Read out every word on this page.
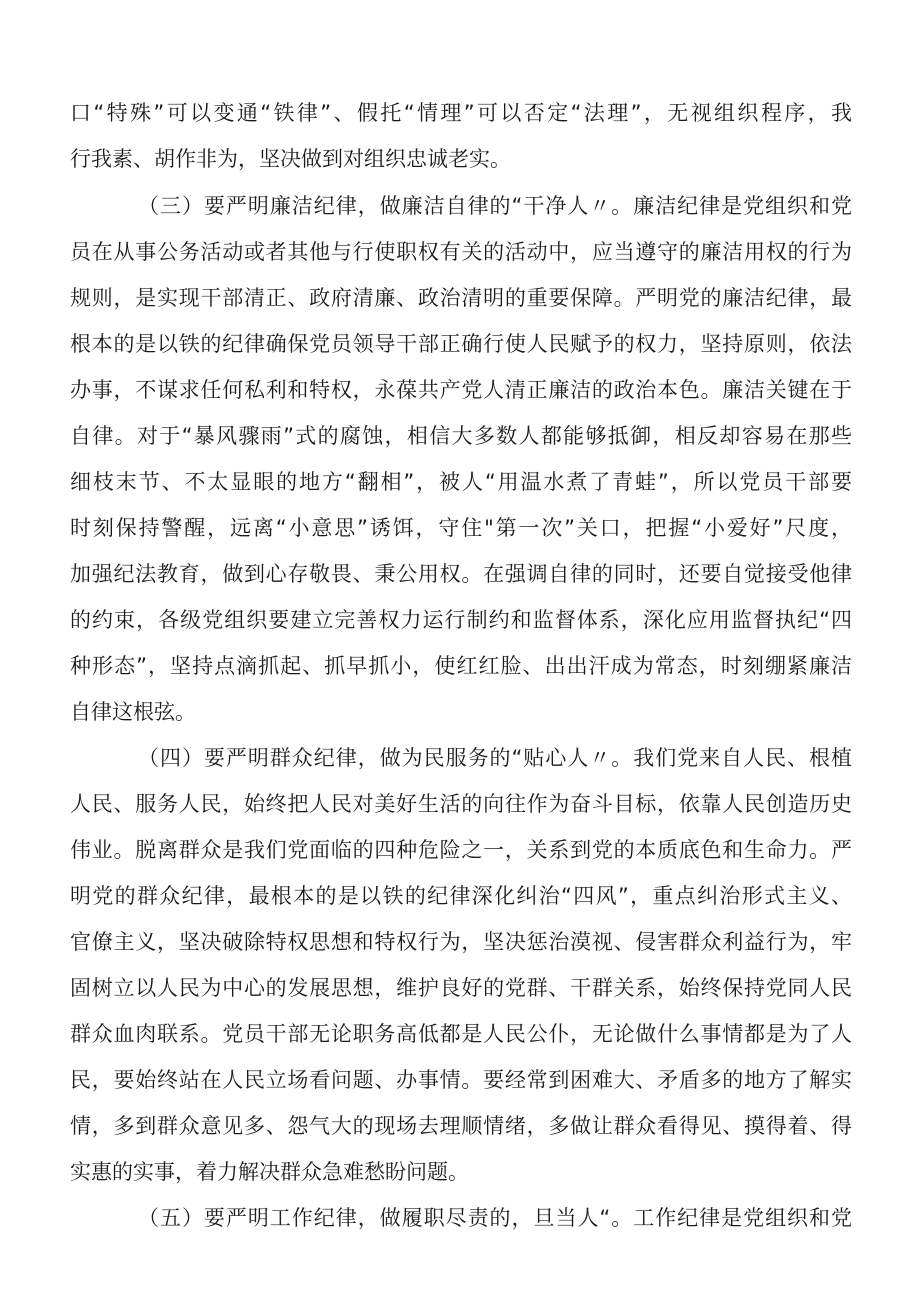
口“特殊”可以变通“铁律”、假托“情理”可以否定“法理”，无视组织程序，我
行我素、胡作非为，坚决做到对组织忠诚老实。
（三）要严明廉洁纪律，做廉洁自律的“干净人〃。廉洁纪律是党组织和党
员在从事公务活动或者其他与行使职权有关的活动中，应当遵守的廉洁用权的行为
规则，是实现干部清正、政府清廉、政治清明的重要保障。严明党的廉洁纪律，最
根本的是以铁的纪律确保党员领导干部正确行使人民赋予的权力，坚持原则，依法
办事，不谋求任何私利和特权，永葆共产党人清正廉洁的政治本色。廉洁关键在于
自律。对于“暴风骤雨”式的腐蚀，相信大多数人都能够抵御，相反却容易在那些
细枝末节、不太显眼的地方“翻相”，被人“用温水煮了青蛙”，所以党员干部要
时刻保持警醒，远离“小意思”诱饵，守住"第一次”关口，把握“小爱好”尺度，
加强纪法教育，做到心存敬畏、秉公用权。在强调自律的同时，还要自觉接受他律
的约束，各级党组织要建立完善权力运行制约和监督体系，深化应用监督执纪“四
种形态”，坚持点滴抓起、抓早抓小，使红红脸、出出汗成为常态，时刻绷紧廉洁
自律这根弦。
（四）要严明群众纪律，做为民服务的“贴心人〃。我们党来自人民、根植
人民、服务人民，始终把人民对美好生活的向往作为奋斗目标，依靠人民创造历史
伟业。脱离群众是我们党面临的四种危险之一，关系到党的本质底色和生命力。严
明党的群众纪律，最根本的是以铁的纪律深化纠治“四风”，重点纠治形式主义、
官僚主义，坚决破除特权思想和特权行为，坚决惩治漠视、侵害群众利益行为，牢
固树立以人民为中心的发展思想，维护良好的党群、干群关系，始终保持党同人民
群众血肉联系。党员干部无论职务高低都是人民公仆，无论做什么事情都是为了人
民，要始终站在人民立场看问题、办事情。要经常到困难大、矛盾多的地方了解实
情，多到群众意见多、怨气大的现场去理顺情绪，多做让群众看得见、摸得着、得
实惠的实事，着力解决群众急难愁盼问题。
（五）要严明工作纪律，做履职尽责的，旦当人“。工作纪律是党组织和党
